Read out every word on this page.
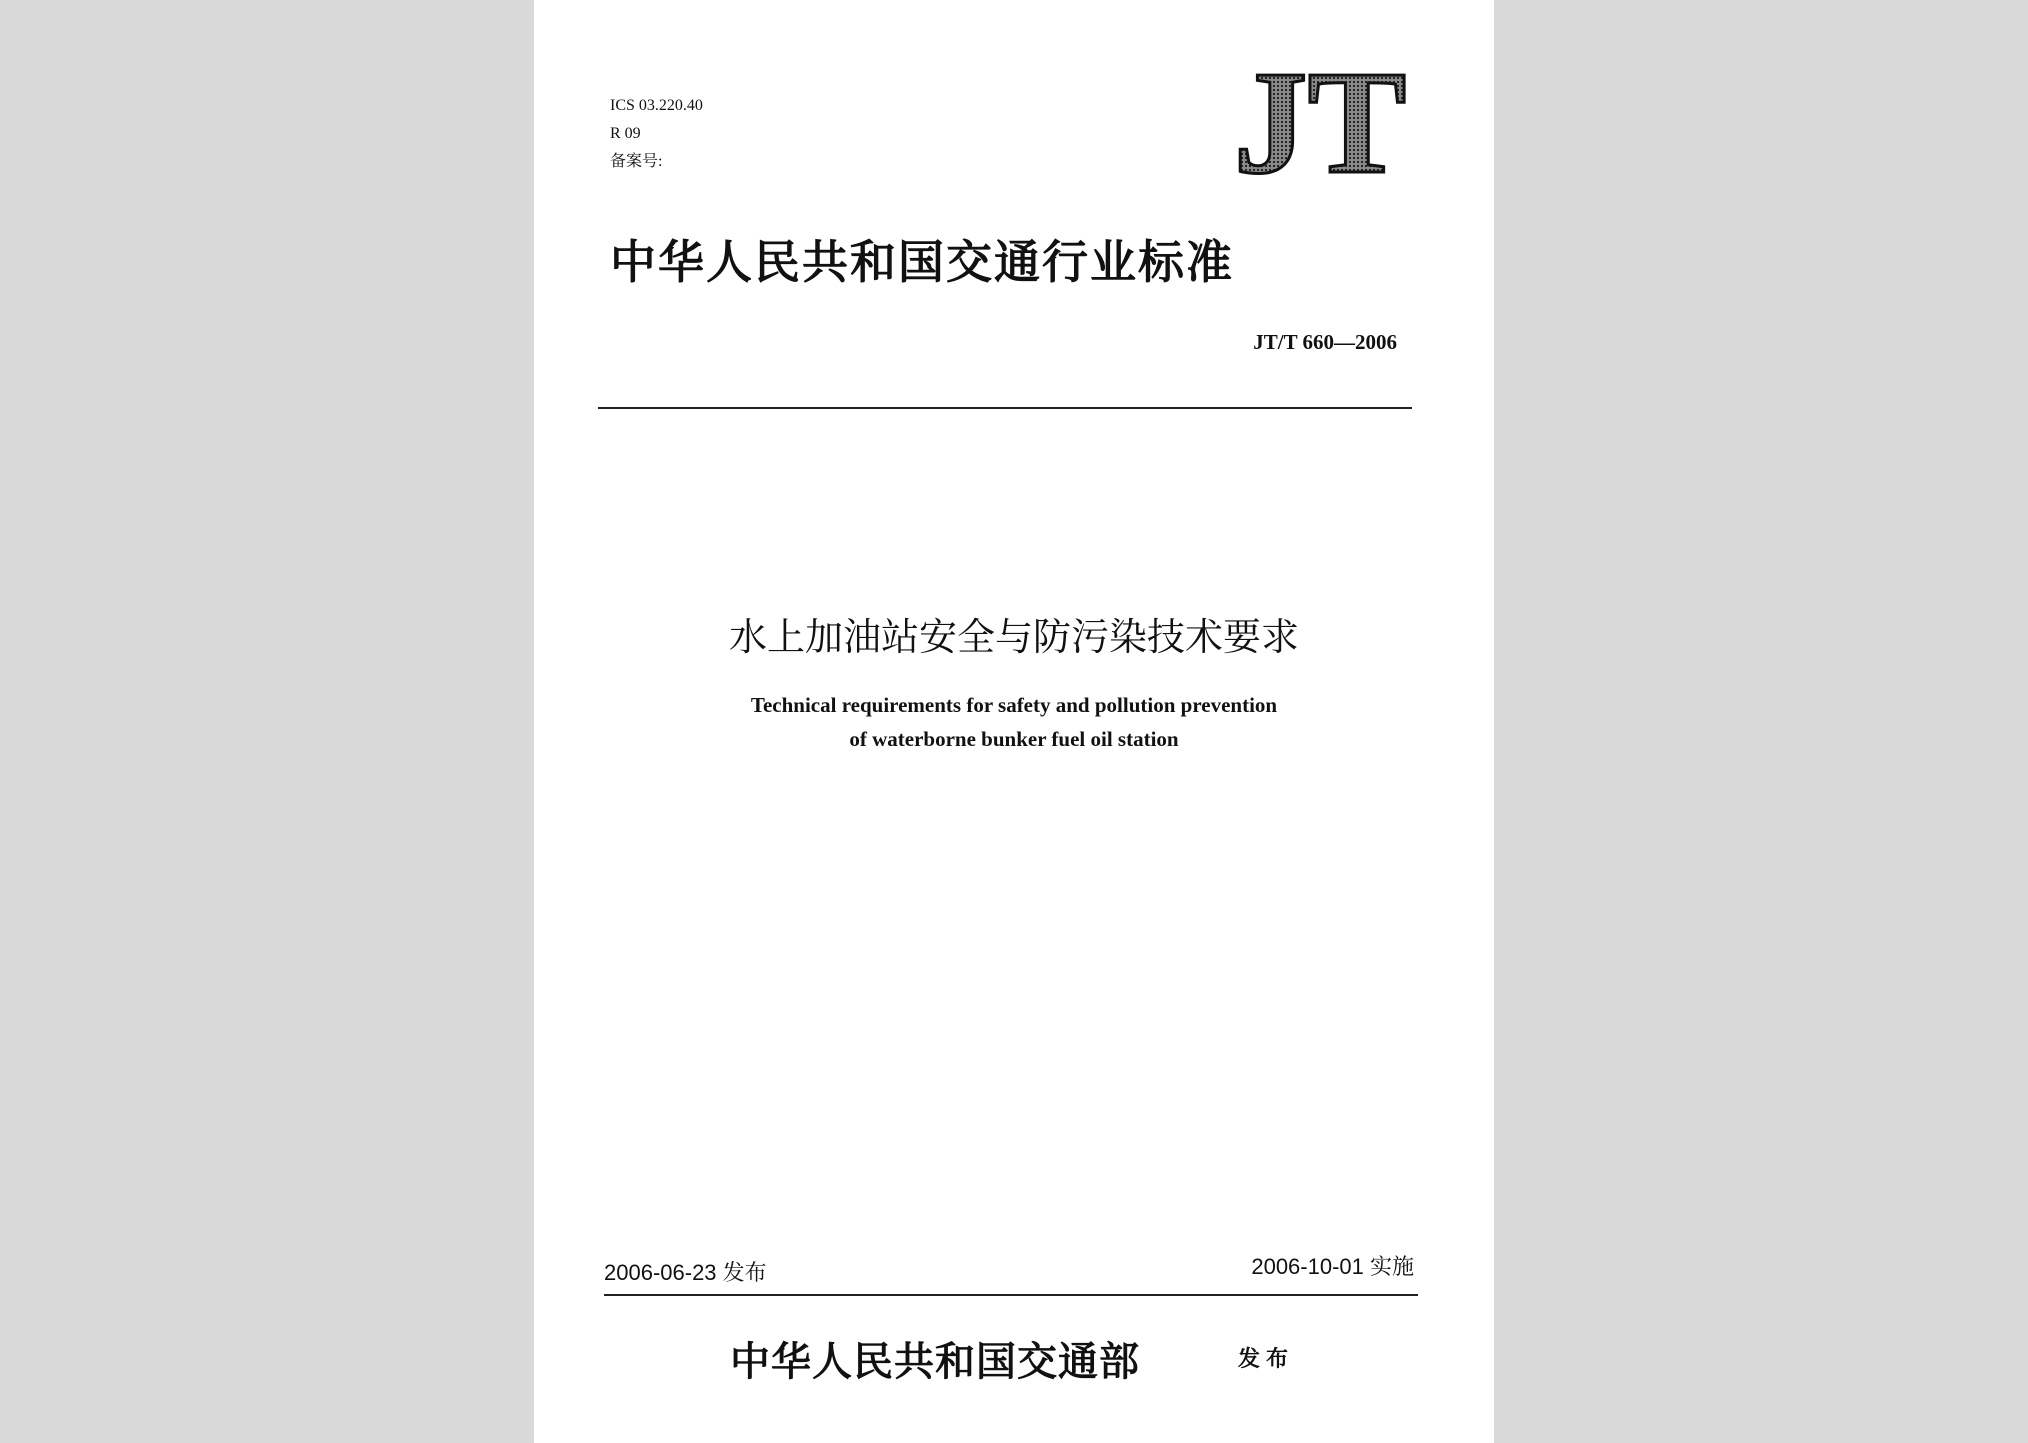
ICS 03.220.40
R 09
备案号:	JT
中华人民共和国交通行业标准
JT/T 660—2006
水上加油站安全与防污染技术要求
Technical requirements for safety and pollution prevention
of waterborne bunker fuel oil station
2006-06-23 发布	2006-10-01 实施
中华人民共和国交通部	发布
